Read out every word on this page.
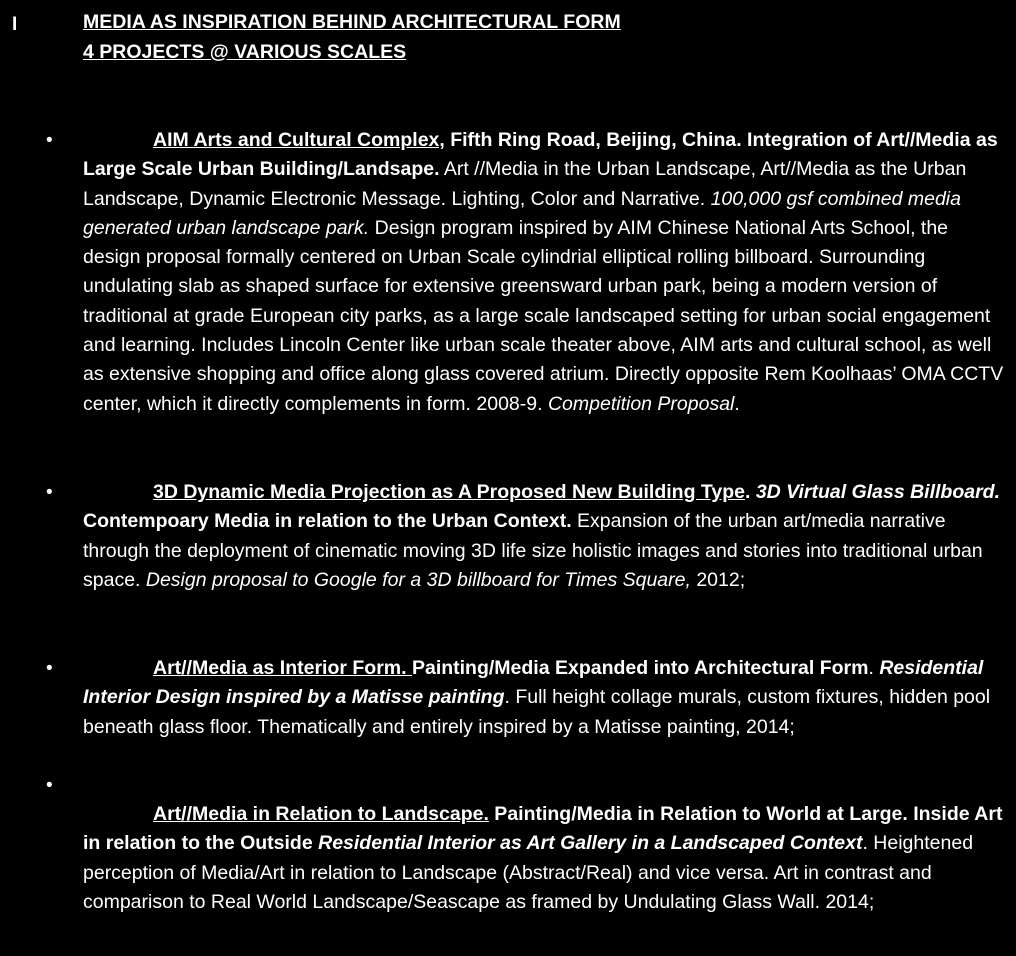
I	MEDIA AS INSPIRATION BEHIND ARCHITECTURAL FORM
4 PROJECTS @ VARIOUS SCALES
•	AIM Arts and Cultural Complex, Fifth Ring Road, Beijing, China. Integration of Art//Media as Large Scale Urban Building/Landsape. Art //Media in the Urban Landscape, Art//Media as the Urban Landscape, Dynamic Electronic Message. Lighting, Color and Narrative. 100,000 gsf combined media generated urban landscape park. Design program inspired by AIM Chinese National Arts School, the design proposal formally centered on Urban Scale cylindrial elliptical rolling billboard. Surrounding undulating slab as shaped surface for extensive greensward urban park, being a modern version of traditional at grade European city parks, as a large scale landscaped setting for urban social engagement and learning. Includes Lincoln Center like urban scale theater above, AIM arts and cultural school, as well as extensive shopping and office along glass covered atrium. Directly opposite Rem Koolhaas’ OMA CCTV center, which it directly complements in form. 2008-9. Competition Proposal.

•	3D Dynamic Media Projection as A Proposed New Building Type. 3D Virtual Glass Billboard. Contempoary Media in relation to the Urban Context. Expansion of the urban art/media narrative through the deployment of cinematic moving 3D life size holistic images and stories into traditional urban space. Design proposal to Google for a 3D billboard for Times Square, 2012;

•	Art//Media as Interior Form. Painting/Media Expanded into Architectural Form. Residential Interior Design inspired by a Matisse painting. Full height collage murals, custom fixtures, hidden pool beneath glass floor. Thematically and entirely inspired by a Matisse painting, 2014;

•

Art//Media in Relation to Landscape. Painting/Media in Relation to World at Large. Inside Art in relation to the Outside Residential Interior as Art Gallery in a Landscaped Context. Heightened perception of Media/Art in relation to Landscape (Abstract/Real) and vice versa. Art in contrast and comparison to Real World Landscape/Seascape as framed by Undulating Glass Wall. 2014;
